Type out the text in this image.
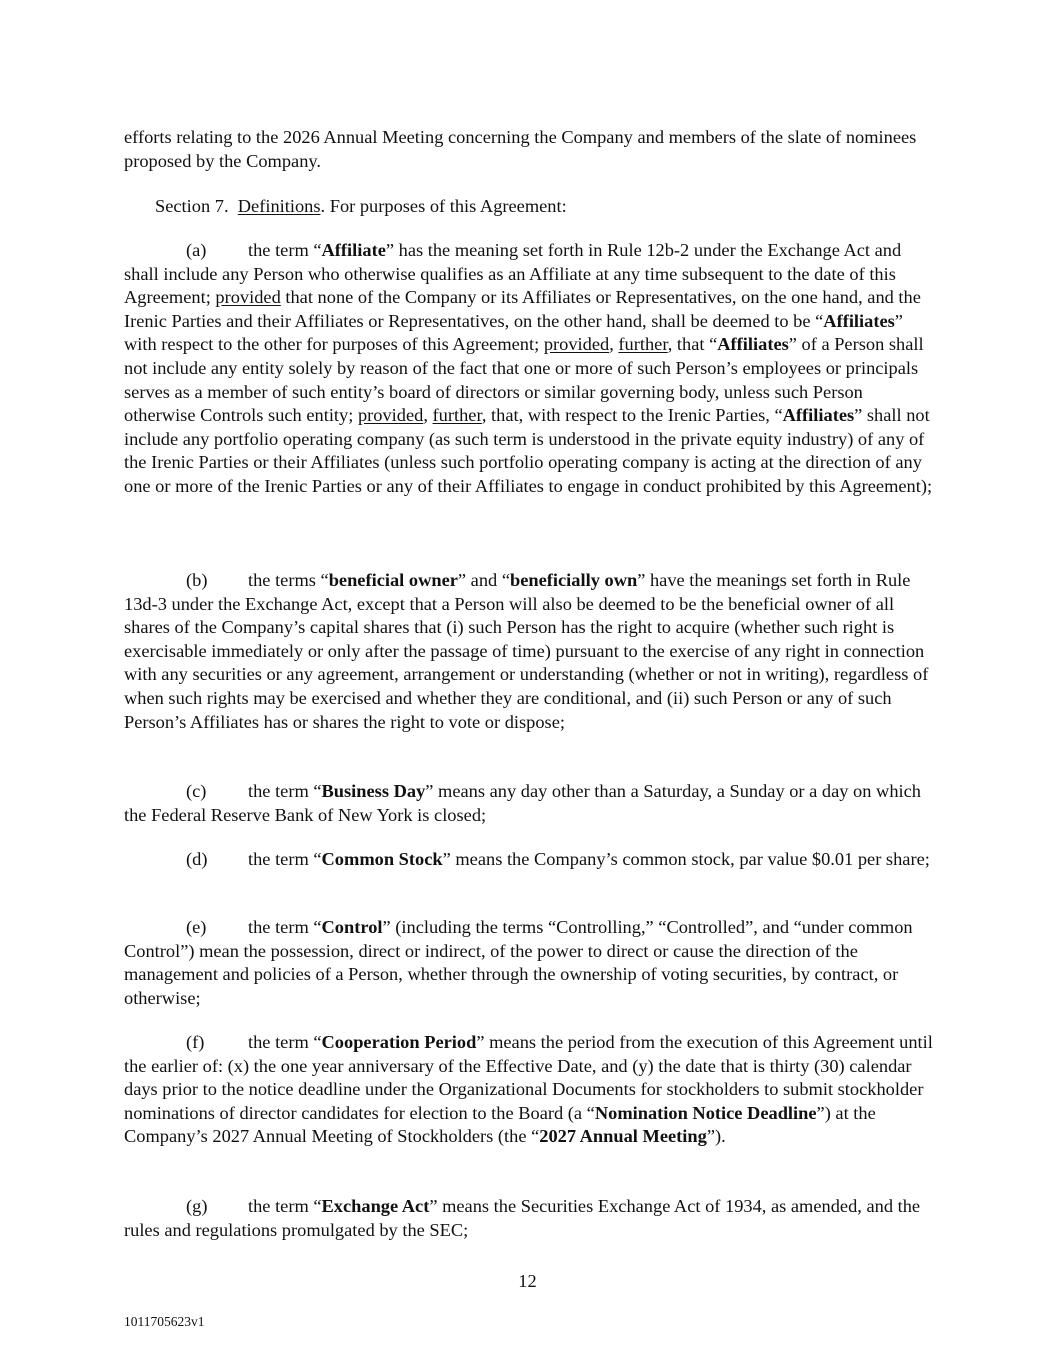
efforts relating to the 2026 Annual Meeting concerning the Company and members of the slate of nominees proposed by the Company.

Section 7. Definitions. For purposes of this Agreement:

(a) the term “Affiliate” has the meaning set forth in Rule 12b-2 under the Exchange Act and shall include any Person who otherwise qualifies as an Affiliate at any time subsequent to the date of this Agreement; provided that none of the Company or its Affiliates or Representatives, on the one hand, and the Irenic Parties and their Affiliates or Representatives, on the other hand, shall be deemed to be “Affiliates” with respect to the other for purposes of this Agreement; provided, further, that “Affiliates” of a Person shall not include any entity solely by reason of the fact that one or more of such Person’s employees or principals serves as a member of such entity’s board of directors or similar governing body, unless such Person otherwise Controls such entity; provided, further, that, with respect to the Irenic Parties, “Affiliates” shall not include any portfolio operating company (as such term is understood in the private equity industry) of any of the Irenic Parties or their Affiliates (unless such portfolio operating company is acting at the direction of any one or more of the Irenic Parties or any of their Affiliates to engage in conduct prohibited by this Agreement);

(b) the terms “beneficial owner” and “beneficially own” have the meanings set forth in Rule 13d-3 under the Exchange Act, except that a Person will also be deemed to be the beneficial owner of all shares of the Company’s capital shares that (i) such Person has the right to acquire (whether such right is exercisable immediately or only after the passage of time) pursuant to the exercise of any right in connection with any securities or any agreement, arrangement or understanding (whether or not in writing), regardless of when such rights may be exercised and whether they are conditional, and (ii) such Person or any of such Person’s Affiliates has or shares the right to vote or dispose;

(c) the term “Business Day” means any day other than a Saturday, a Sunday or a day on which the Federal Reserve Bank of New York is closed;

(d) the term “Common Stock” means the Company’s common stock, par value $0.01 per share;

(e) the term “Control” (including the terms “Controlling,” “Controlled”, and “under common Control”) mean the possession, direct or indirect, of the power to direct or cause the direction of the management and policies of a Person, whether through the ownership of voting securities, by contract, or otherwise;

(f) the term “Cooperation Period” means the period from the execution of this Agreement until the earlier of: (x) the one year anniversary of the Effective Date, and (y) the date that is thirty (30) calendar days prior to the notice deadline under the Organizational Documents for stockholders to submit stockholder nominations of director candidates for election to the Board (a “Nomination Notice Deadline”) at the Company’s 2027 Annual Meeting of Stockholders (the “2027 Annual Meeting”).

(g) the term “Exchange Act” means the Securities Exchange Act of 1934, as amended, and the rules and regulations promulgated by the SEC;

12
1011705623v1
